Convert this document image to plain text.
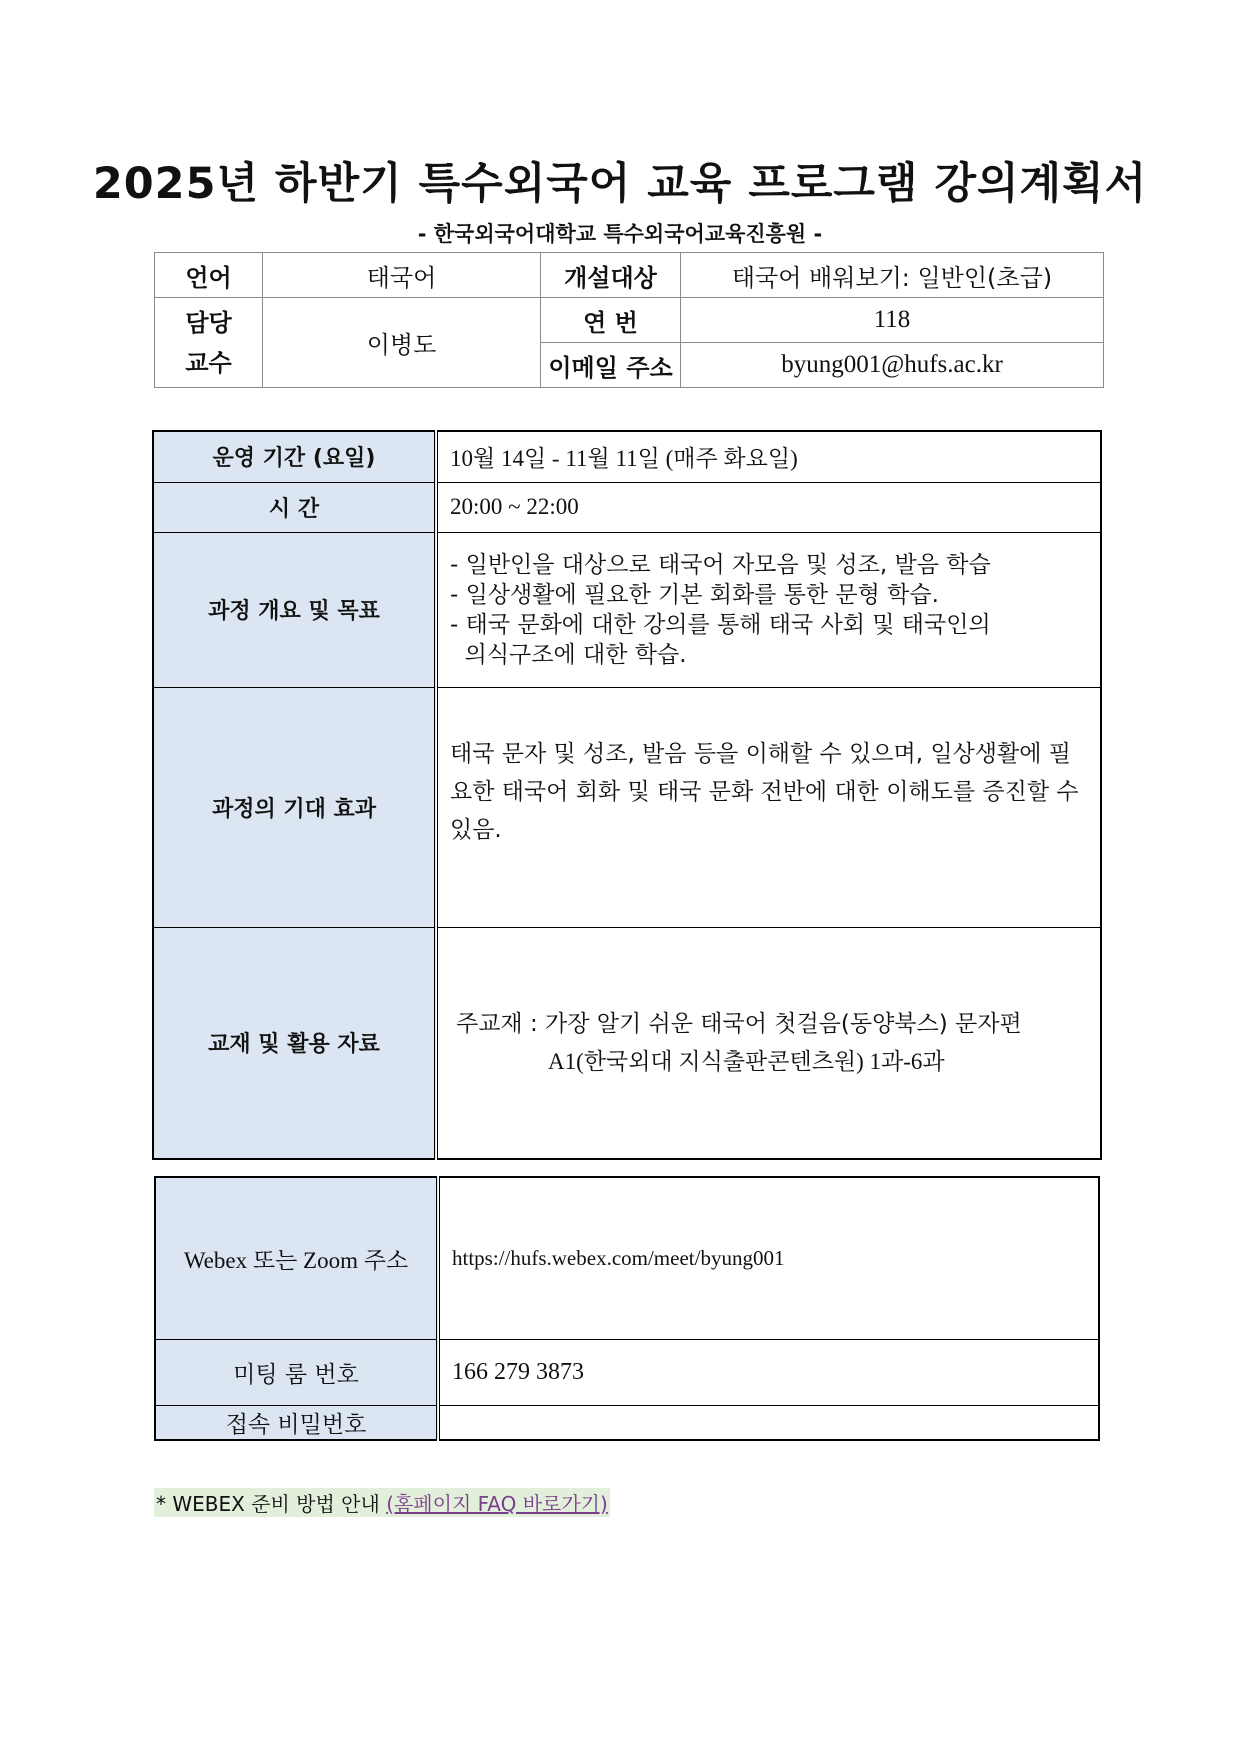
2025년 하반기 특수외국어 교육 프로그램 강의계획서
- 한국외국어대학교 특수외국어교육진흥원 -
언어	태국어	개설대상	태국어 배워보기: 일반인(초급)

담당
교수	이병도	연 번	118
		이메일 주소	byung001@hufs.ac.kr
운영 기간 (요일)	10월 14일 - 11월 11일 (매주 화요일)
시 간	20:00 ~ 22:00
과정 개요 및 목표	- 일반인을 대상으로 태국어 자모음 및 성조, 발음 학습
- 일상생활에 필요한 기본 회화를 통한 문형 학습.
- 태국 문화에 대한 강의를 통해 태국 사회 및 태국인의
의식구조에 대한 학습.

과정의 기대 효과	태국 문자 및 성조, 발음 등을 이해할 수 있으며, 일상생활에 필요한 태국어 회화 및 태국 문화 전반에 대한 이해도를 증진할 수 있음.
교재 및 활용 자료	주교재 : 가장 알기 쉬운 태국어 첫걸음(동양북스) 문자편
A1(한국외대 지식출판콘텐츠원) 1과-6과
Webex 또는 Zoom 주소	https://hufs.webex.com/meet/byung001
미팅 룸 번호	166 279 3873
접속 비밀번호	
* WEBEX 준비 방법 안내 (홈페이지 FAQ 바로가기)
